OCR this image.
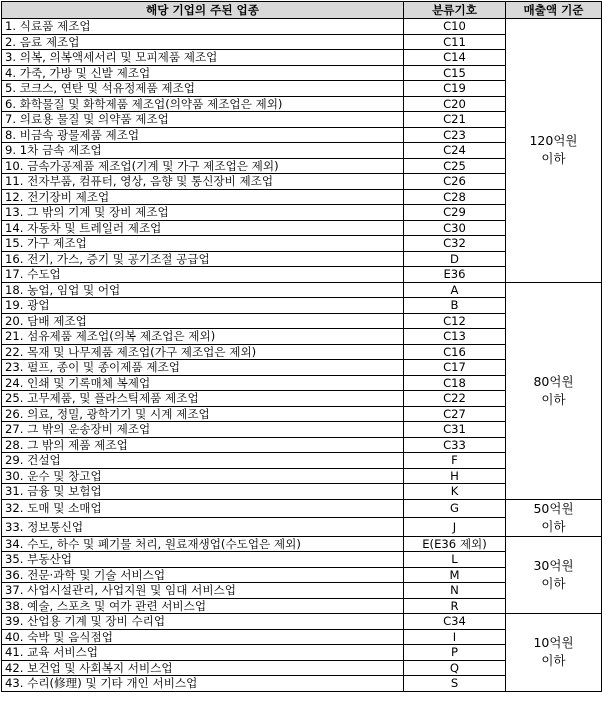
해당 기업의 주된 업종	분류기호	매출액 기준
1. 식료품 제조업	C10	120억원
이하

2. 음료 제조업	C11	
3. 의복, 의복액세서리 및 모피제품 제조업	C14	
4. 가죽, 가방 및 신발 제조업	C15	
5. 코크스, 연탄 및 석유정제품 제조업	C19	
6. 화학물질 및 화학제품 제조업(의약품 제조업은 제외)	C20	
7. 의료용 물질 및 의약품 제조업	C21	
8. 비금속 광물제품 제조업	C23	
9. 1차 금속 제조업	C24	
10. 금속가공제품 제조업(기계 및 가구 제조업은 제외)	C25	
11. 전자부품, 컴퓨터, 영상, 음향 및 통신장비 제조업	C26	
12. 전기장비 제조업	C28	
13. 그 밖의 기계 및 장비 제조업	C29	
14. 자동차 및 트레일러 제조업	C30	
15. 가구 제조업	C32	
16. 전기, 가스, 증기 및 공기조절 공급업	D	
17. 수도업	E36	
18. 농업, 임업 및 어업	A	80억원
이하

19. 광업	B	
20. 담배 제조업	C12	
21. 섬유제품 제조업(의복 제조업은 제외)	C13	
22. 목재 및 나무제품 제조업(가구 제조업은 제외)	C16	
23. 펄프, 종이 및 종이제품 제조업	C17	
24. 인쇄 및 기록매체 복제업	C18	
25. 고무제품, 및 플라스틱제품 제조업	C22	
26. 의료, 정밀, 광학기기 및 시계 제조업	C27	
27. 그 밖의 운송장비 제조업	C31	
28. 그 밖의 제품 제조업	C33	
29. 건설업	F	
30. 운수 및 창고업	H	
31. 금융 및 보험업	K	
32. 도매 및 소매업	G	50억원
이하

33. 정보통신업	J	
34. 수도, 하수 및 폐기물 처리, 원료재생업(수도업은 제외)	E(E36 제외)	30억원
이하

35. 부동산업	L	
36. 전문·과학 및 기술 서비스업	M	
37. 사업시설관리, 사업지원 및 임대 서비스업	N	
38. 예술, 스포츠 및 여가 관련 서비스업	R	
39. 산업용 기계 및 장비 수리업	C34	10억원
이하

40. 숙박 및 음식점업	I	
41. 교육 서비스업	P	
42. 보건업 및 사회복지 서비스업	Q	
43. 수리(修理) 및 기타 개인 서비스업	S	
